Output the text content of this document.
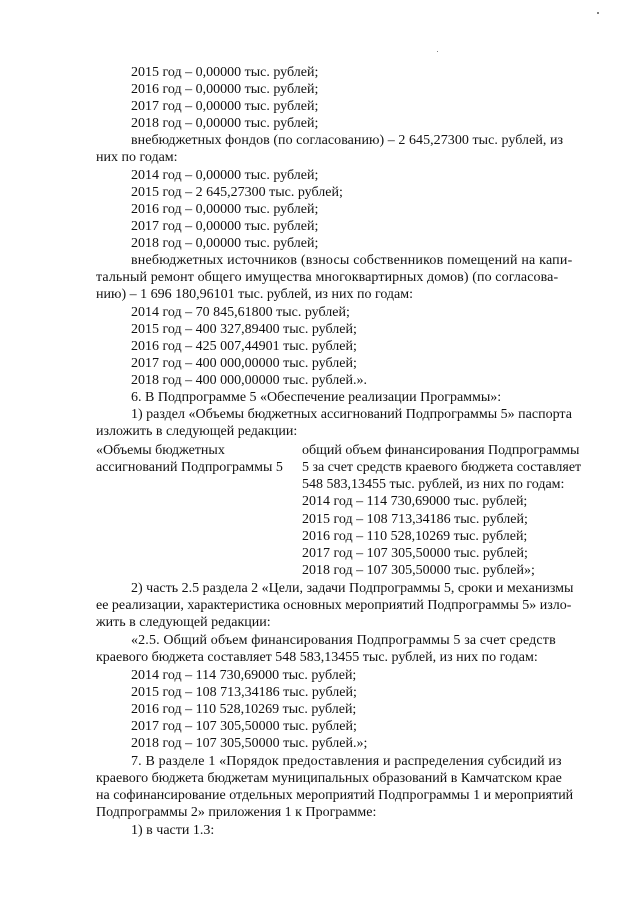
2015 год – 0,00000 тыс. рублей;
2016 год – 0,00000 тыс. рублей;
2017 год – 0,00000 тыс. рублей;
2018 год – 0,00000 тыс. рублей;
внебюджетных фондов (по согласованию) – 2 645,27300 тыс. рублей, из
них по годам:
2014 год – 0,00000 тыс. рублей;
2015 год – 2 645,27300 тыс. рублей;
2016 год – 0,00000 тыс. рублей;
2017 год – 0,00000 тыс. рублей;
2018 год – 0,00000 тыс. рублей;
внебюджетных источников (взносы собственников помещений на капи-
тальный ремонт общего имущества многоквартирных домов) (по согласова-
нию) – 1 696 180,96101 тыс. рублей, из них по годам:
2014 год – 70 845,61800 тыс. рублей;
2015 год – 400 327,89400 тыс. рублей;
2016 год – 425 007,44901 тыс. рублей;
2017 год – 400 000,00000 тыс. рублей;
2018 год – 400 000,00000 тыс. рублей.».
6. В Подпрограмме 5 «Обеспечение реализации Программы»:
1) раздел «Объемы бюджетных ассигнований Подпрограммы 5» паспорта
изложить в следующей редакции:
«Объемы бюджетных
ассигнований Подпрограммы 5
общий объем финансирования Подпрограммы
5 за счет средств краевого бюджета составляет
548 583,13455 тыс. рублей, из них по годам:
2014 год – 114 730,69000 тыс. рублей;
2015 год – 108 713,34186 тыс. рублей;
2016 год – 110 528,10269 тыс. рублей;
2017 год – 107 305,50000 тыс. рублей;
2018 год – 107 305,50000 тыс. рублей»;
2) часть 2.5 раздела 2 «Цели, задачи Подпрограммы 5, сроки и механизмы
ее реализации, характеристика основных мероприятий Подпрограммы 5» изло-
жить в следующей редакции:
«2.5. Общий объем финансирования Подпрограммы 5 за счет средств
краевого бюджета составляет 548 583,13455 тыс. рублей, из них по годам:
2014 год – 114 730,69000 тыс. рублей;
2015 год – 108 713,34186 тыс. рублей;
2016 год – 110 528,10269 тыс. рублей;
2017 год – 107 305,50000 тыс. рублей;
2018 год – 107 305,50000 тыс. рублей.»;
7. В разделе 1 «Порядок предоставления и распределения субсидий из
краевого бюджета бюджетам муниципальных образований в Камчатском крае
на софинансирование отдельных мероприятий Подпрограммы 1 и мероприятий
Подпрограммы 2» приложения 1 к Программе:
1) в части 1.3:
